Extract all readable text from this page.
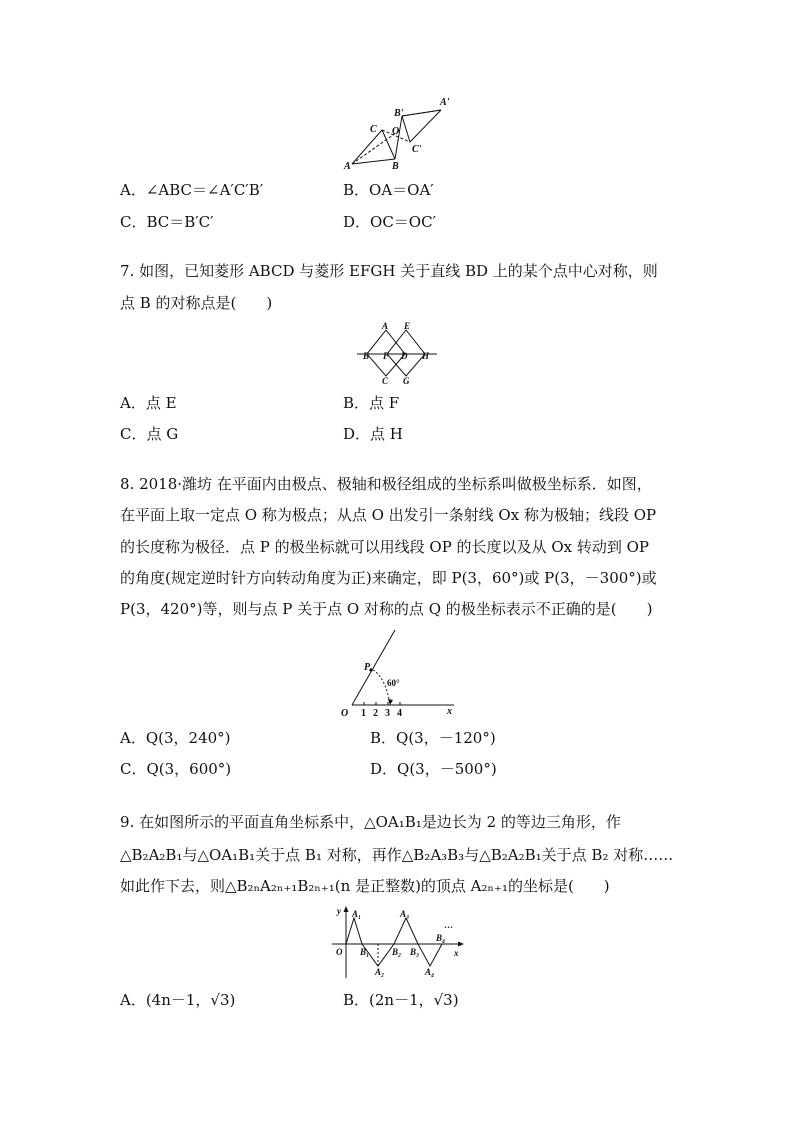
A	B
C O
A'
B'
C'
A．∠ABC＝∠A′C′B′	B．OA＝OA′
C．BC＝B′C′	D．OC＝OC′
7. 如图，已知菱形 ABCD 与菱形 EFGH 关于直线 BD 上的某个点中心对称，则
点 B 的对称点是(　　)
A E
B F D H
C G
A．点 E	B．点 F
C．点 G	D．点 H
8. 2018·潍坊 在平面内由极点、极轴和极径组成的坐标系叫做极坐标系．如图，
在平面上取一定点 O 称为极点；从点 O 出发引一条射线 Ox 称为极轴；线段 OP
的长度称为极径．点 P 的极坐标就可以用线段 OP 的长度以及从 Ox 转动到 OP
的角度(规定逆时针方向转动角度为正)来确定，即 P(3，60°)或 P(3，－300°)或
P(3，420°)等，则与点 P 关于点 O 对称的点 Q 的极坐标表示不正确的是(　　)
P
60°
O 1 2 3 4	x
A．Q(3，240°)	B．Q(3，－120°)
C．Q(3，600°)	D．Q(3，－500°)
9. 在如图所示的平面直角坐标系中，△OA₁B₁是边长为 2 的等边三角形，作
△B₂A₂B₁与△OA₁B₁关于点 B₁ 对称，再作△B₂A₃B₃与△B₂A₂B₁关于点 B₂ 对称……
如此作下去，则△B₂ₙA₂ₙ₊₁B₂ₙ₊₁(n 是正整数)的顶点 A₂ₙ₊₁的坐标是(　　)
y
x
O
A₁
A₂
A₃
A₄
B₁	B₂ B₃
B₄
…
A．(4n－1，√3)	B．(2n－1，√3)
